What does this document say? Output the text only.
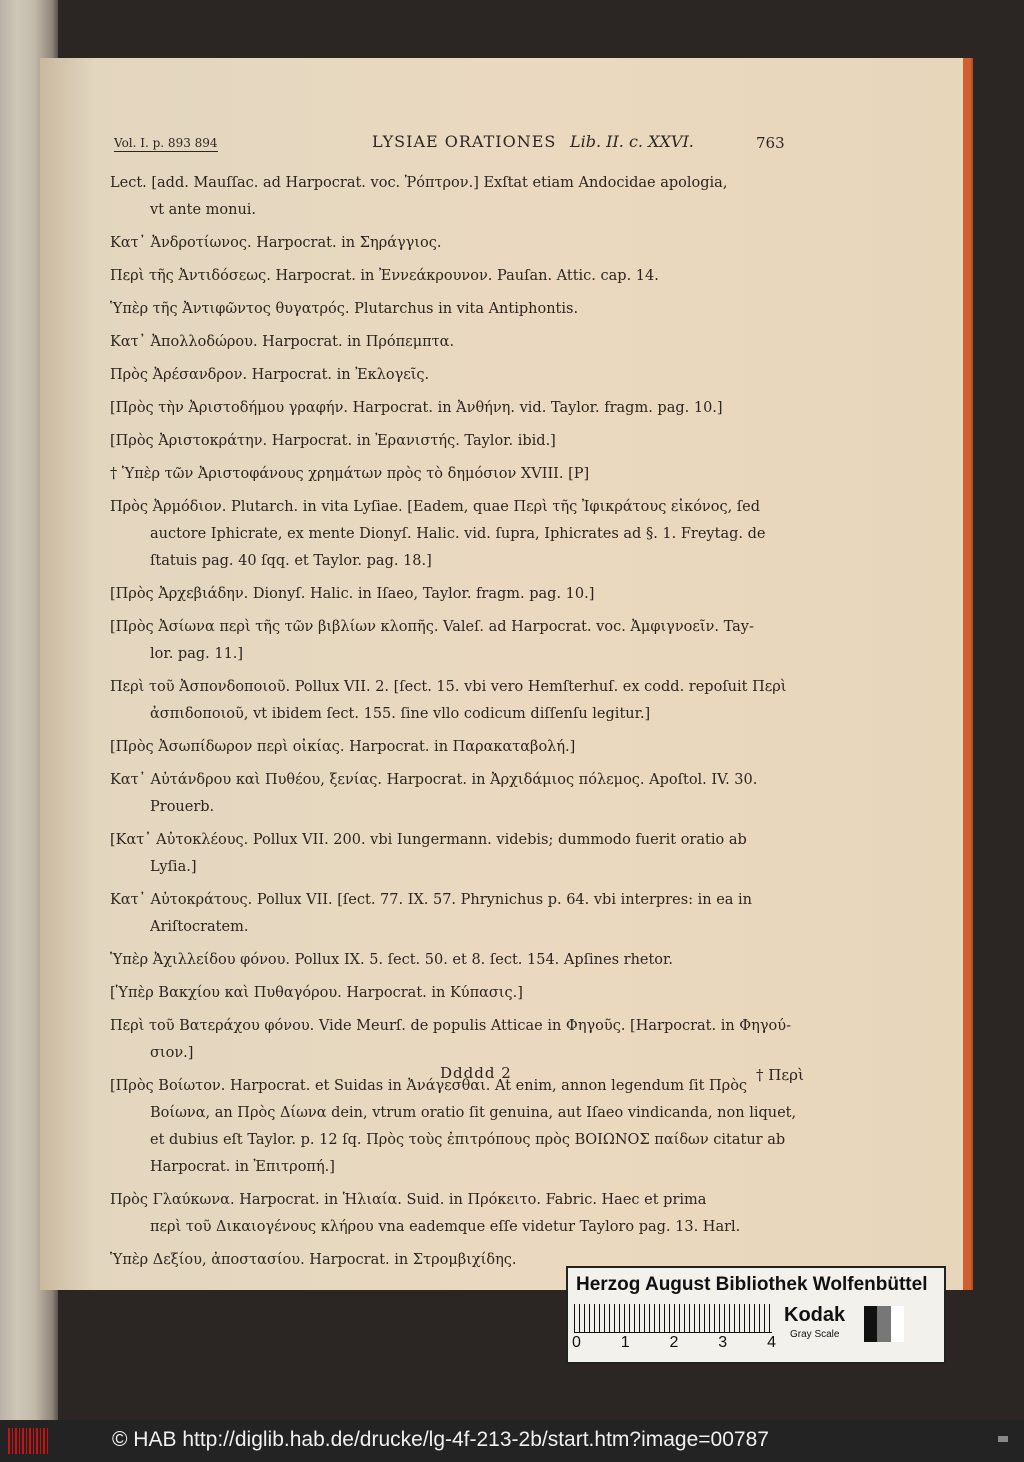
Vol. I. p. 893 894	LYSIAE ORATIONES Lib. II. c. XXVI.	763
Lect. [add. Mauſſac. ad Harpocrat. voc. Ῥόπτρον.] Exſtat etiam Andocidae apologia,
vt ante monui.
Κατ᾽ Ἀνδροτίωνος. Harpocrat. in Σηράγγιος.
Περὶ τῆς Ἀντιδόσεως. Harpocrat. in Ἐννεάκρουνον. Pauſan. Attic. cap. 14.
Ὑπὲρ τῆς Ἀντιφῶντος θυγατρός. Plutarchus in vita Antiphontis.
Κατ᾽ Ἀπολλοδώρου. Harpocrat. in Πρόπεμπτα.
Πρὸς Ἀρέσανδρον. Harpocrat. in Ἐκλογεῖς.
[Πρὸς τὴν Ἀριστοδήμου γραφήν. Harpocrat. in Ἀνθήνη. vid. Taylor. fragm. pag. 10.]
[Πρὸς Ἀριστοκράτην. Harpocrat. in Ἐρανιστής. Taylor. ibid.]
† Ὑπὲρ τῶν Ἀριστοφάνους χρημάτων πρὸς τὸ δημόσιον XVIII. [P]
Πρὸς Ἀρμόδιον. Plutarch. in vita Lyſiae. [Eadem, quae Περὶ τῆς Ἰφικράτους εἰκόνος, ſed
auctore Iphicrate, ex mente Dionyſ. Halic. vid. ſupra, Iphicrates ad §. 1. Freytag. de ſtatuis pag. 40 ſqq. et Taylor. pag. 18.]
[Πρὸς Ἀρχεβιάδην. Dionyſ. Halic. in Iſaeo, Taylor. fragm. pag. 10.]
[Πρὸς Ἀσίωνα περὶ τῆς τῶν βιβλίων κλοπῆς. Valeſ. ad Harpocrat. voc. Ἀμφιγνοεῖν. Tay-
lor. pag. 11.]
Περὶ τοῦ Ἀσπονδοποιοῦ. Pollux VII. 2. [ſect. 15. vbi vero Hemſterhuſ. ex codd. repoſuit Περὶ
ἀσπιδοποιοῦ, vt ibidem ſect. 155. ſine vllo codicum diſſenſu legitur.]
[Πρὸς Ἀσωπίδωρον περὶ οἰκίας. Harpocrat. in Παρακαταβολή.]
Κατ᾽ Αὐτάνδρου καὶ Πυθέου, ξενίας. Harpocrat. in Ἀρχιδάμιος πόλεμος. Apoſtol. IV. 30.
Prouerb.
[Κατ᾽ Αὐτοκλέους. Pollux VII. 200. vbi Iungermann. videbis; dummodo fuerit oratio ab
Lyſia.]
Κατ᾽ Αὐτοκράτους. Pollux VII. [ſect. 77. IX. 57. Phrynichus p. 64. vbi interpres: in ea in
Ariſtocratem.
Ὑπὲρ Ἀχιλλείδου φόνου. Pollux IX. 5. ſect. 50. et 8. ſect. 154. Apſines rhetor.
[Ὑπὲρ Βακχίου καὶ Πυθαγόρου. Harpocrat. in Κύπασις.]
Περὶ τοῦ Βατεράχου φόνου. Vide Meurſ. de populis Atticae in Φηγοῦς. [Harpocrat. in Φηγού-
σιον.]
[Πρὸς Βοίωτον. Harpocrat. et Suidas in Ἀνάγεσθαι. At enim, annon legendum ſit Πρὸς
Βοίωνα, an Πρὸς Δίωνα dein, vtrum oratio ſit genuina, aut Iſaeo vindicanda, non liquet, et dubius eſt Taylor. p. 12 ſq. Πρὸς τοὺς ἐπιτρόπους πρὸς ΒΟΙΩΝΟΣ παίδων citatur ab Harpocrat. in Ἐπιτροπή.]
Πρὸς Γλαύκωνα. Harpocrat. in Ἡλιαία. Suid. in Πρόκειτο. Fabric. Haec et prima
περὶ τοῦ Δικαιογένους κλήρου vna eademque eſſe videtur Tayloro pag. 13. Harl.
Ὑπὲρ Δεξίου, ἀποστασίου. Harpocrat. in Στρομβιχίδης.
Ddddd 2	† Περὶ
Herzog August Bibliothek Wolfenbüttel
0 1 2 3 4
Kodak
Gray Scale
© HAB http://diglib.hab.de/drucke/lg-4f-213-2b/start.htm?image=00787
